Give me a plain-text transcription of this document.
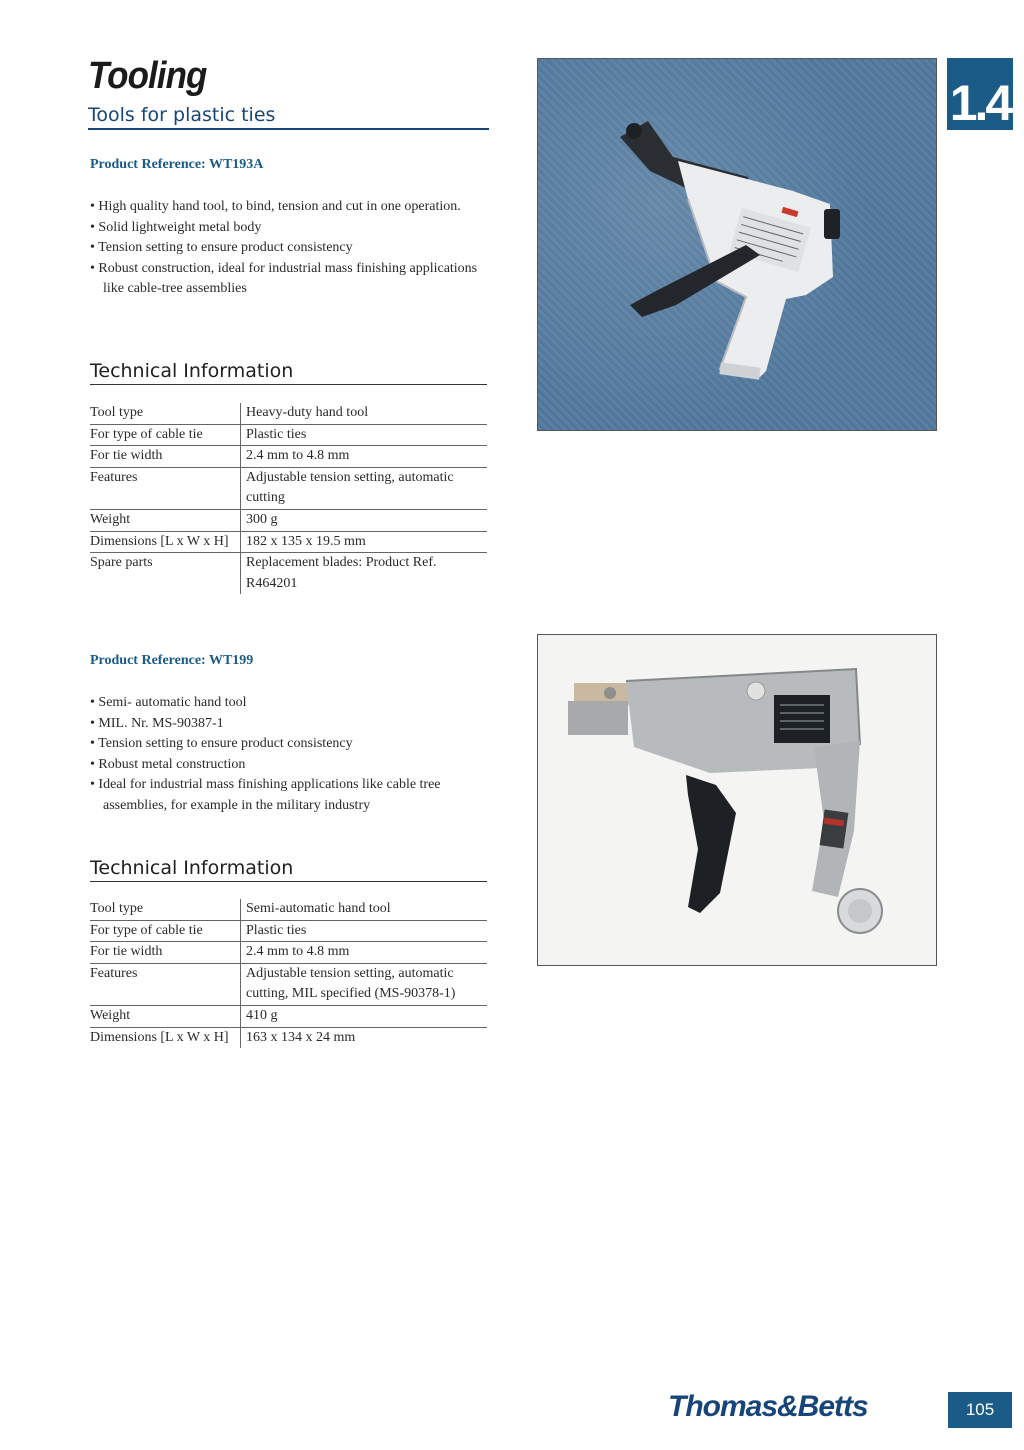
Tooling
Tools for plastic ties	1.4
Product Reference: WT193A
• High quality hand tool, to bind, tension and cut in one operation.
• Solid lightweight metal body
• Tension setting to ensure product consistency
• Robust construction, ideal for industrial mass finishing applications like cable-tree assemblies
Technical Information
Tool type	Heavy-duty hand tool
For type of cable tie	Plastic ties
For tie width	2.4 mm to 4.8 mm
Features	Adjustable tension setting, automatic cutting
Weight	300 g
Dimensions [L x W x H]	182 x 135 x 19.5 mm
Spare parts	Replacement blades: Product Ref. R464201
Product Reference: WT199
• Semi- automatic hand tool
• MIL. Nr. MS-90387-1
• Tension setting to ensure product consistency
• Robust metal construction
• Ideal for industrial mass finishing applications like cable tree assemblies, for example in the military industry
Technical Information
Tool type	Semi-automatic hand tool
For type of cable tie	Plastic ties
For tie width	2.4 mm to 4.8 mm
Features	Adjustable tension setting, automatic cutting, MIL specified (MS-90378-1)
Weight	410 g
Dimensions [L x W x H]	163 x 134 x 24 mm
Thomas&Betts	105
